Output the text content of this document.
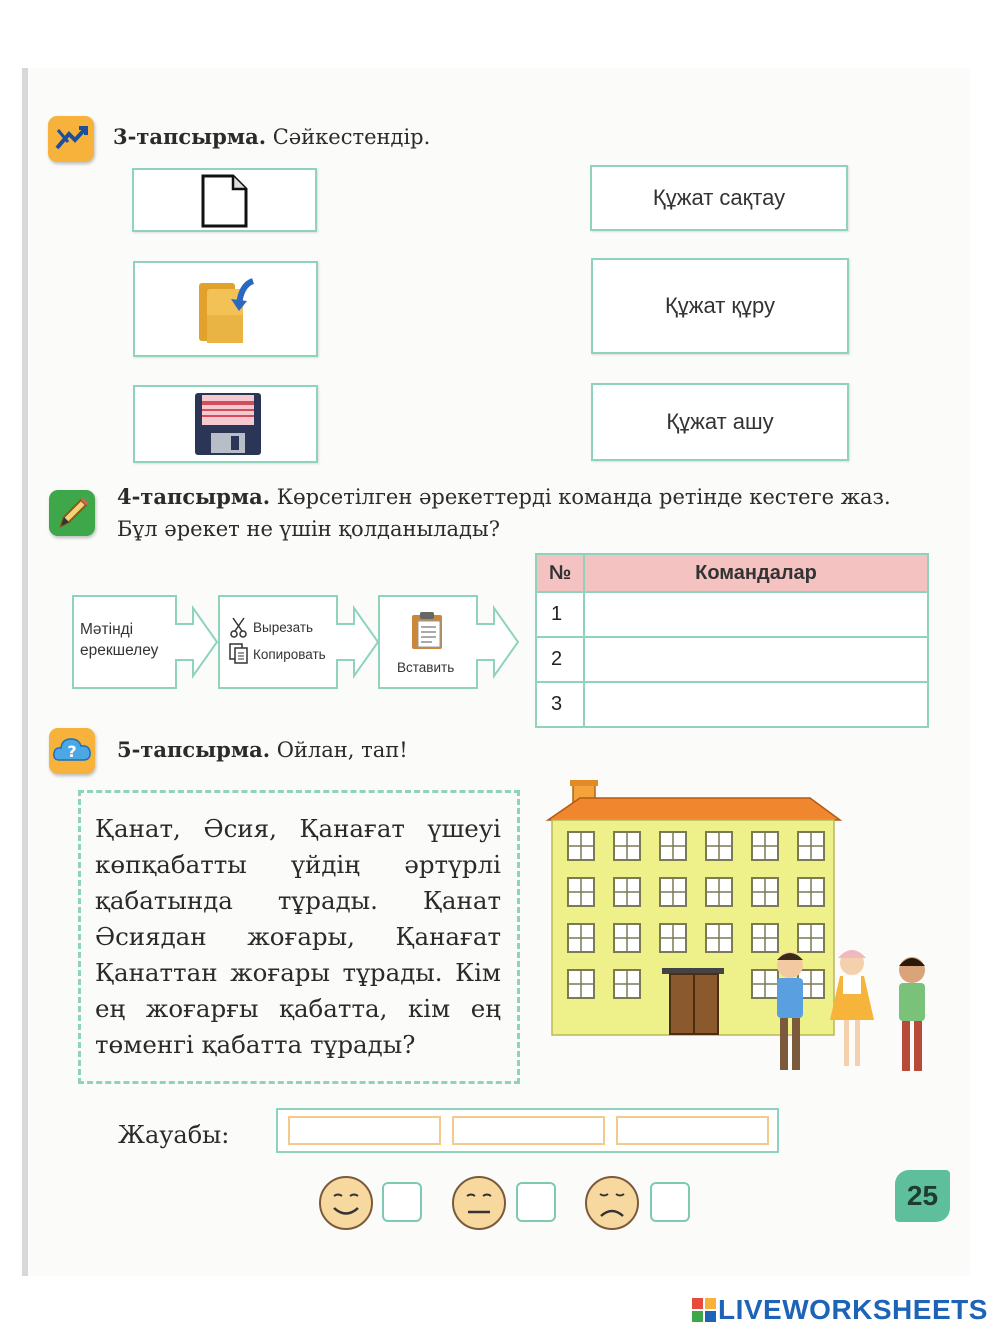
3-тапсырма. Сәйкестендір.
Құжат сақтау
Құжат құру
Құжат ашу
4-тапсырма. Көрсетілген әрекеттерді команда ретінде кестеге жаз.
Бұл әрекет не үшін қолданылады?
Мәтінді
ерекшелеу
Вырезать
Копировать
Вставить
№	Командалар
1	
2	
3	
? 5-тапсырма. Ойлан, тап!
Қанат, Әсия, Қанағат үшеуі көпқабатты үйдің әртүрлі қабатында тұрады. Қанат Әсиядан жоғары, Қанағат Қанаттан жоғары тұрады. Кім ең жоғарғы қабатта, кім ең төменгі қабатта тұрады?
Жауабы:
25
LIVEWORKSHEETS
